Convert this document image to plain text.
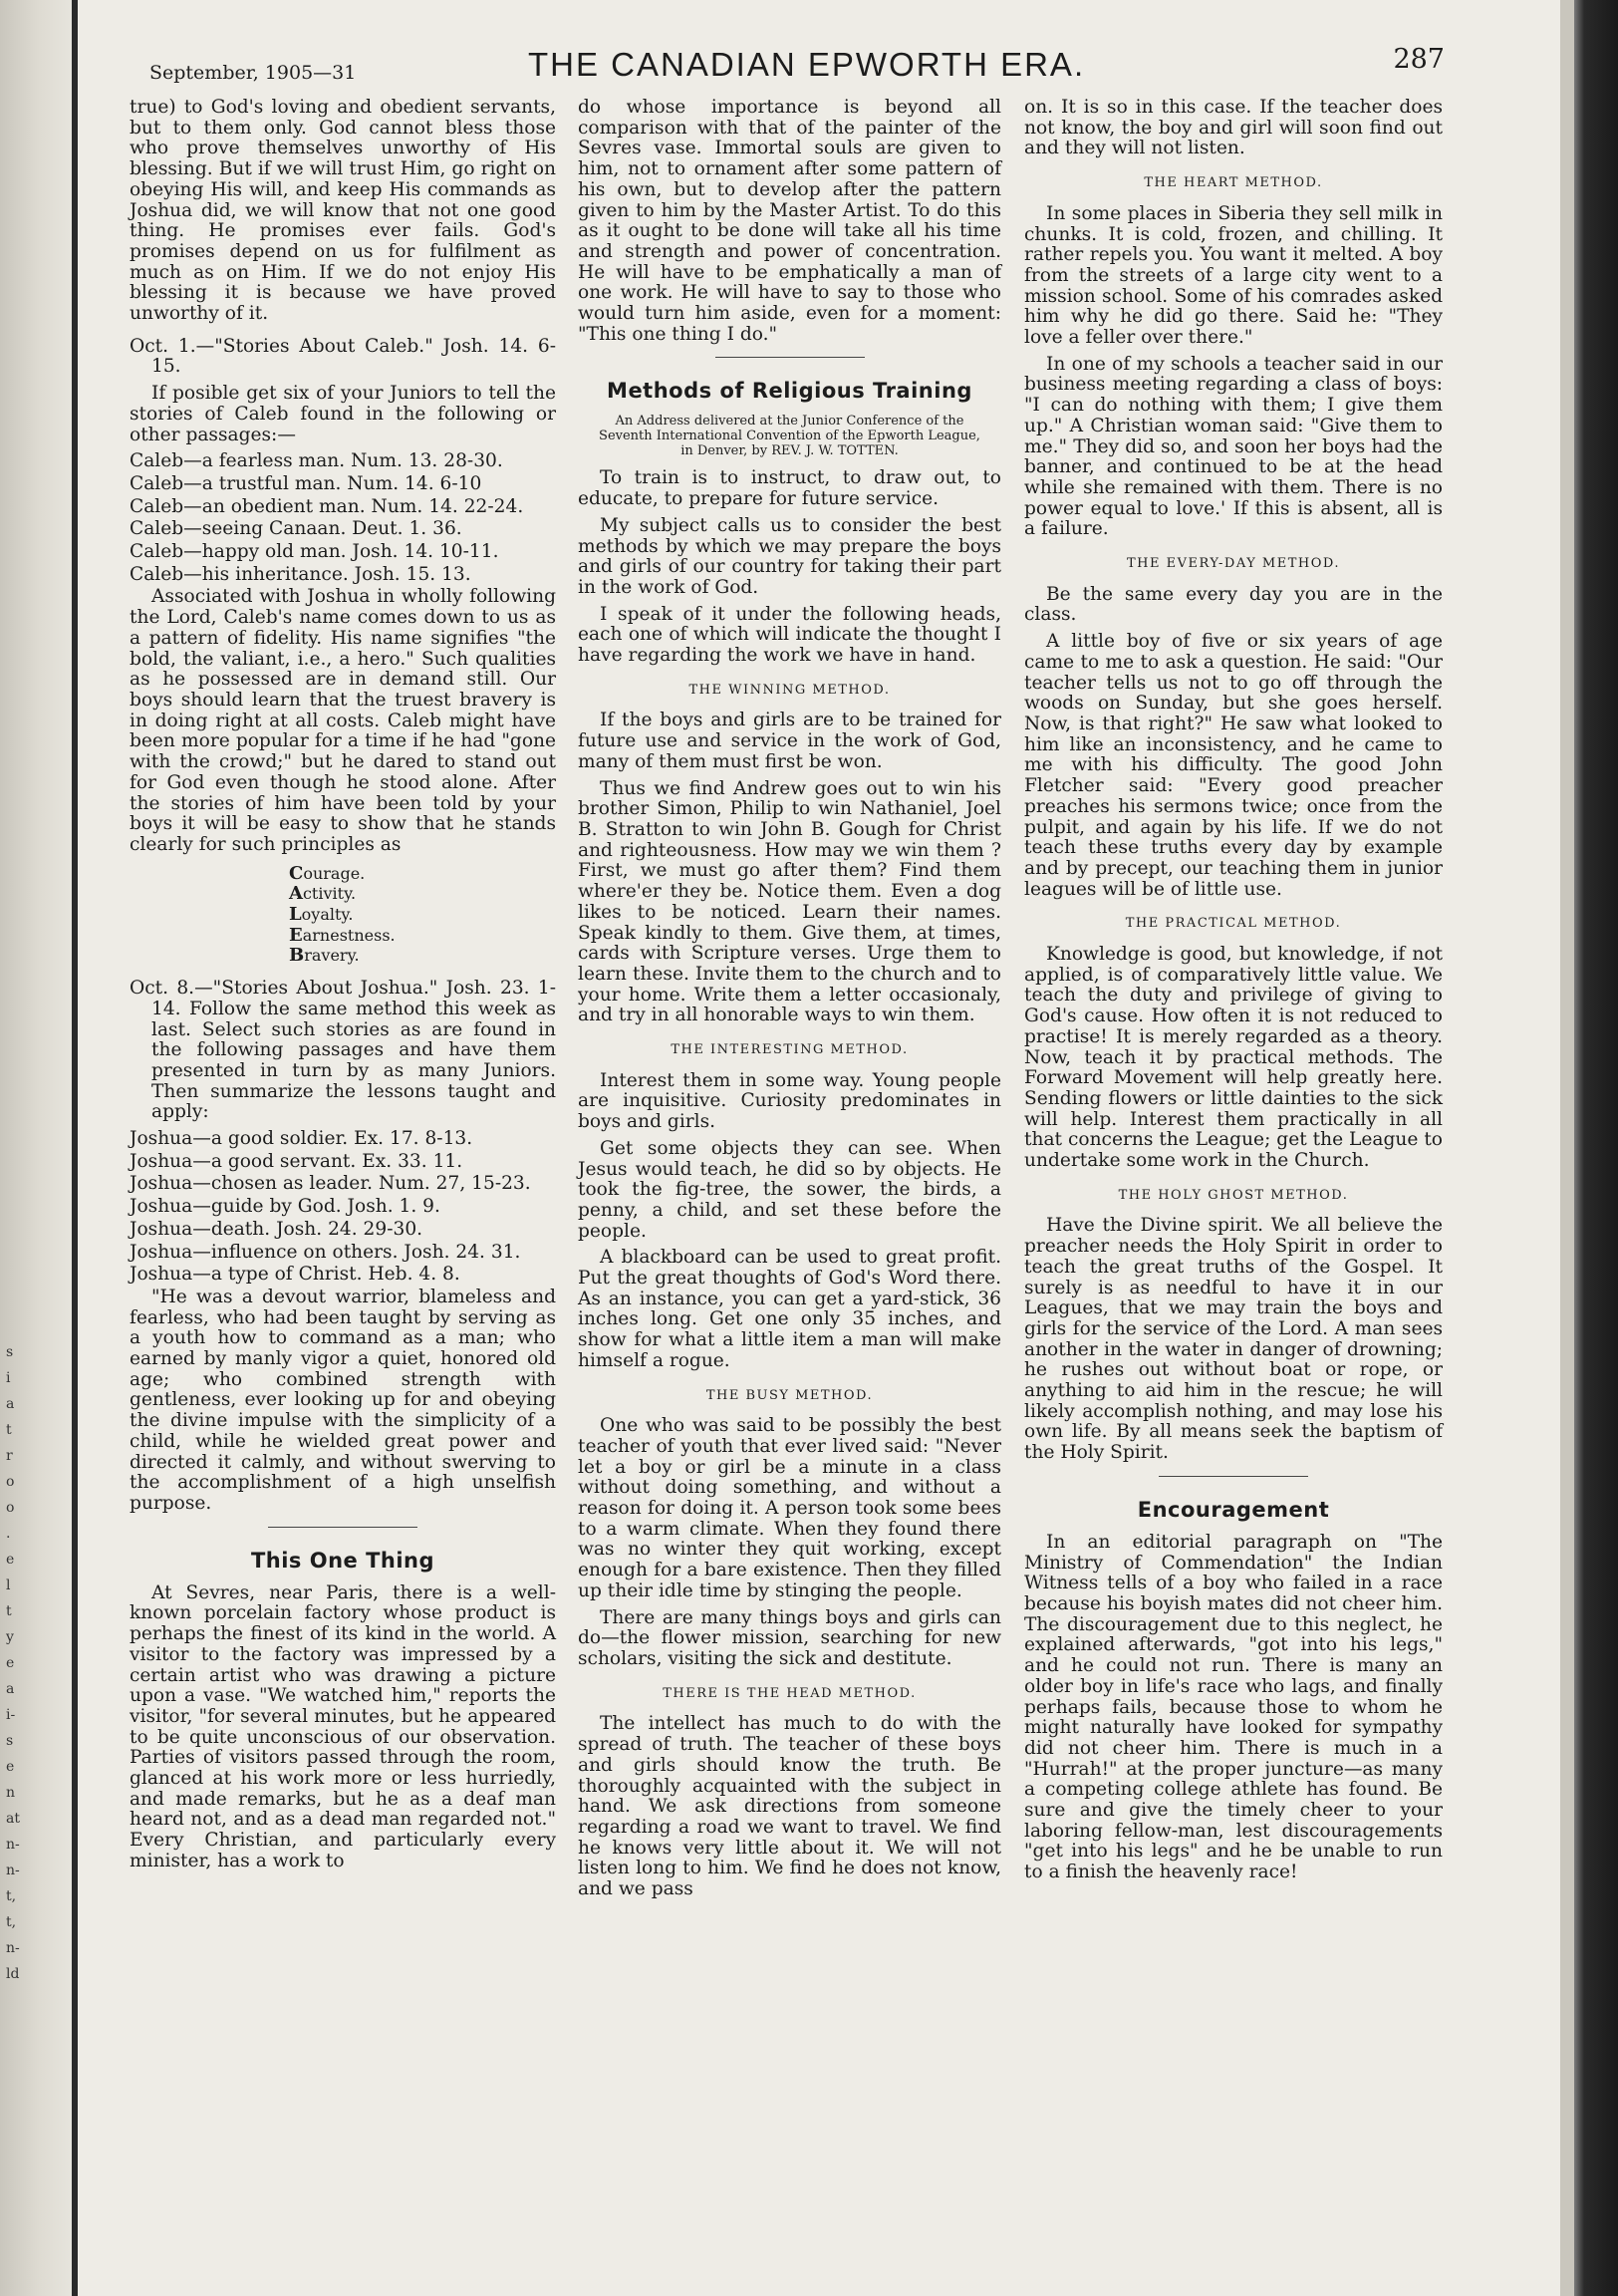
s
i
a
t
r
o
o
.
e
l
t
y
e
a
i-
s
e
n
at
n-
n-
t,
t,
n-
ld
September, 1905—31	THE CANADIAN EPWORTH ERA.	287

true) to God's loving and obedient servants, but to them only. God cannot bless those who prove themselves unworthy of His blessing. But if we will trust Him, go right on obeying His will, and keep His commands as Joshua did, we will know that not one good thing. He promises ever fails. God's promises depend on us for fulfilment as much as on Him. If we do not enjoy His blessing it is because we have proved unworthy of it.

Oct. 1.—"Stories About Caleb." Josh. 14. 6-15.

If posible get six of your Juniors to tell the stories of Caleb found in the following or other passages:—

Caleb—a fearless man. Num. 13. 28-30.

Caleb—a trustful man. Num. 14. 6-10

Caleb—an obedient man. Num. 14. 22-24.

Caleb—seeing Canaan. Deut. 1. 36.

Caleb—happy old man. Josh. 14. 10-11.

Caleb—his inheritance. Josh. 15. 13.

Associated with Joshua in wholly following the Lord, Caleb's name comes down to us as a pattern of fidelity. His name signifies "the bold, the valiant, i.e., a hero." Such qualities as he possessed are in demand still. Our boys should learn that the truest bravery is in doing right at all costs. Caleb might have been more popular for a time if he had "gone with the crowd;" but he dared to stand out for God even though he stood alone. After the stories of him have been told by your boys it will be easy to show that he stands clearly for such principles as

Courage.
Activity.
Loyalty.
Earnestness.
Bravery.

Oct. 8.—"Stories About Joshua." Josh. 23. 1-14. Follow the same method this week as last. Select such stories as are found in the following passages and have them presented in turn by as many Juniors. Then summarize the lessons taught and apply:

Joshua—a good soldier. Ex. 17. 8-13.

Joshua—a good servant. Ex. 33. 11.

Joshua—chosen as leader. Num. 27, 15-23.

Joshua—guide by God. Josh. 1. 9.

Joshua—death. Josh. 24. 29-30.

Joshua—influence on others. Josh. 24. 31.

Joshua—a type of Christ. Heb. 4. 8.

"He was a devout warrior, blameless and fearless, who had been taught by serving as a youth how to command as a man; who earned by manly vigor a quiet, honored old age; who combined strength with gentleness, ever looking up for and obeying the divine impulse with the simplicity of a child, while he wielded great power and directed it calmly, and without swerving to the accomplishment of a high unselfish purpose.

This One Thing

At Sevres, near Paris, there is a well-known porcelain factory whose product is perhaps the finest of its kind in the world. A visitor to the factory was impressed by a certain artist who was drawing a picture upon a vase. "We watched him," reports the visitor, "for several minutes, but he appeared to be quite unconscious of our observation. Parties of visitors passed through the room, glanced at his work more or less hurriedly, and made remarks, but he as a deaf man heard not, and as a dead man regarded not." Every Christian, and particularly every minister, has a work to

do whose importance is beyond all comparison with that of the painter of the Sevres vase. Immortal souls are given to him, not to ornament after some pattern of his own, but to develop after the pattern given to him by the Master Artist. To do this as it ought to be done will take all his time and strength and power of concentration. He will have to be emphatically a man of one work. He will have to say to those who would turn him aside, even for a moment: "This one thing I do."

Methods of Religious Training
An Address delivered at the Junior Conference of the Seventh International Convention of the Epworth League, in Denver, by REV. J. W. TOTTEN.

To train is to instruct, to draw out, to educate, to prepare for future service.

My subject calls us to consider the best methods by which we may prepare the boys and girls of our country for taking their part in the work of God.

I speak of it under the following heads, each one of which will indicate the thought I have regarding the work we have in hand.

THE WINNING METHOD.

If the boys and girls are to be trained for future use and service in the work of God, many of them must first be won.

Thus we find Andrew goes out to win his brother Simon, Philip to win Nathaniel, Joel B. Stratton to win John B. Gough for Christ and righteousness. How may we win them ? First, we must go after them? Find them where'er they be. Notice them. Even a dog likes to be noticed. Learn their names. Speak kindly to them. Give them, at times, cards with Scripture verses. Urge them to learn these. Invite them to the church and to your home. Write them a letter occasionaly, and try in all honorable ways to win them.

THE INTERESTING METHOD.

Interest them in some way. Young people are inquisitive. Curiosity predominates in boys and girls.

Get some objects they can see. When Jesus would teach, he did so by objects. He took the fig-tree, the sower, the birds, a penny, a child, and set these before the people.

A blackboard can be used to great profit. Put the great thoughts of God's Word there. As an instance, you can get a yard-stick, 36 inches long. Get one only 35 inches, and show for what a little item a man will make himself a rogue.

THE BUSY METHOD.

One who was said to be possibly the best teacher of youth that ever lived said: "Never let a boy or girl be a minute in a class without doing something, and without a reason for doing it. A person took some bees to a warm climate. When they found there was no winter they quit working, except enough for a bare existence. Then they filled up their idle time by stinging the people.

There are many things boys and girls can do—the flower mission, searching for new scholars, visiting the sick and destitute.

THERE IS THE HEAD METHOD.

The intellect has much to do with the spread of truth. The teacher of these boys and girls should know the truth. Be thoroughly acquainted with the subject in hand. We ask directions from someone regarding a road we want to travel. We find he knows very little about it. We will not listen long to him. We find he does not know, and we pass

on. It is so in this case. If the teacher does not know, the boy and girl will soon find out and they will not listen.

THE HEART METHOD.

In some places in Siberia they sell milk in chunks. It is cold, frozen, and chilling. It rather repels you. You want it melted. A boy from the streets of a large city went to a mission school. Some of his comrades asked him why he did go there. Said he: "They love a feller over there."

In one of my schools a teacher said in our business meeting regarding a class of boys: "I can do nothing with them; I give them up." A Christian woman said: "Give them to me." They did so, and soon her boys had the banner, and continued to be at the head while she remained with them. There is no power equal to love.' If this is absent, all is a failure.

THE EVERY-DAY METHOD.

Be the same every day you are in the class.

A little boy of five or six years of age came to me to ask a question. He said: "Our teacher tells us not to go off through the woods on Sunday, but she goes herself. Now, is that right?" He saw what looked to him like an inconsistency, and he came to me with his difficulty. The good John Fletcher said: "Every good preacher preaches his sermons twice; once from the pulpit, and again by his life. If we do not teach these truths every day by example and by precept, our teaching them in junior leagues will be of little use.

THE PRACTICAL METHOD.

Knowledge is good, but knowledge, if not applied, is of comparatively little value. We teach the duty and privilege of giving to God's cause. How often it is not reduced to practise! It is merely regarded as a theory. Now, teach it by practical methods. The Forward Movement will help greatly here. Sending flowers or little dainties to the sick will help. Interest them practically in all that concerns the League; get the League to undertake some work in the Church.

THE HOLY GHOST METHOD.

Have the Divine spirit. We all believe the preacher needs the Holy Spirit in order to teach the great truths of the Gospel. It surely is as needful to have it in our Leagues, that we may train the boys and girls for the service of the Lord. A man sees another in the water in danger of drowning; he rushes out without boat or rope, or anything to aid him in the rescue; he will likely accomplish nothing, and may lose his own life. By all means seek the baptism of the Holy Spirit.

Encouragement

In an editorial paragraph on "The Ministry of Commendation" the Indian Witness tells of a boy who failed in a race because his boyish mates did not cheer him. The discouragement due to this neglect, he explained afterwards, "got into his legs," and he could not run. There is many an older boy in life's race who lags, and finally perhaps fails, because those to whom he might naturally have looked for sympathy did not cheer him. There is much in a "Hurrah!" at the proper juncture—as many a competing college athlete has found. Be sure and give the timely cheer to your laboring fellow-man, lest discouragements "get into his legs" and he be unable to run to a finish the heavenly race!
